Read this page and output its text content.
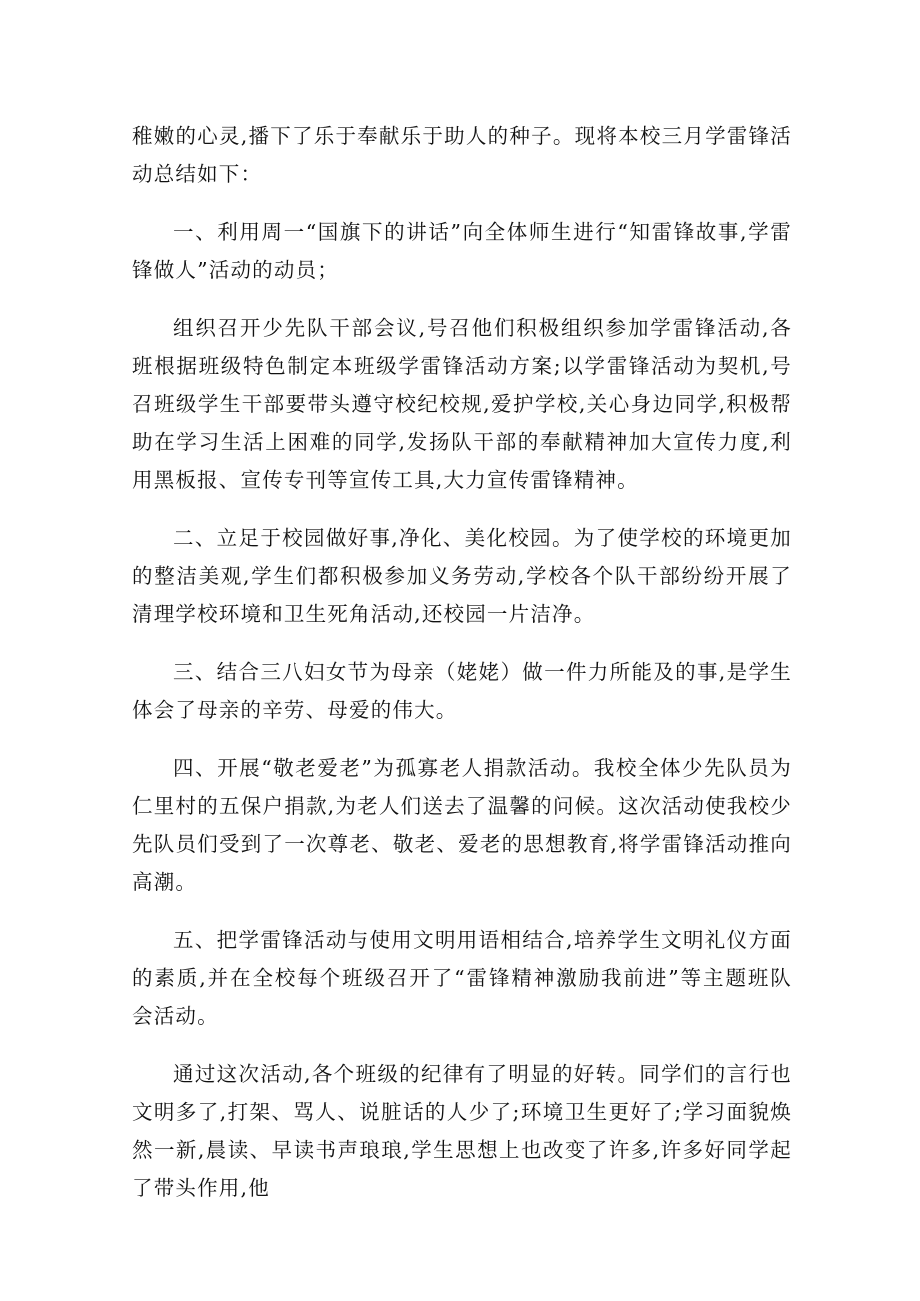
稚嫩的心灵,播下了乐于奉献乐于助人的种子。现将本校三月学雷锋活动总结如下：

一、利用周一“国旗下的讲话”向全体师生进行“知雷锋故事,学雷锋做人”活动的动员；

组织召开少先队干部会议,号召他们积极组织参加学雷锋活动,各班根据班级特色制定本班级学雷锋活动方案;以学雷锋活动为契机,号召班级学生干部要带头遵守校纪校规,爱护学校,关心身边同学,积极帮助在学习生活上困难的同学,发扬队干部的奉献精神加大宣传力度,利用黑板报、宣传专刊等宣传工具,大力宣传雷锋精神。

二、立足于校园做好事,净化、美化校园。为了使学校的环境更加的整洁美观,学生们都积极参加义务劳动,学校各个队干部纷纷开展了清理学校环境和卫生死角活动,还校园一片洁净。

三、结合三八妇女节为母亲（姥姥）做一件力所能及的事,是学生体会了母亲的辛劳、母爱的伟大。

四、开展“敬老爱老”为孤寡老人捐款活动。我校全体少先队员为仁里村的五保户捐款,为老人们送去了温馨的问候。这次活动使我校少先队员们受到了一次尊老、敬老、爱老的思想教育,将学雷锋活动推向高潮。

五、把学雷锋活动与使用文明用语相结合,培养学生文明礼仪方面的素质,并在全校每个班级召开了“雷锋精神激励我前进”等主题班队会活动。

通过这次活动,各个班级的纪律有了明显的好转。同学们的言行也文明多了,打架、骂人、说脏话的人少了;环境卫生更好了;学习面貌焕然一新,晨读、早读书声琅琅,学生思想上也改变了许多,许多好同学起了带头作用,他
